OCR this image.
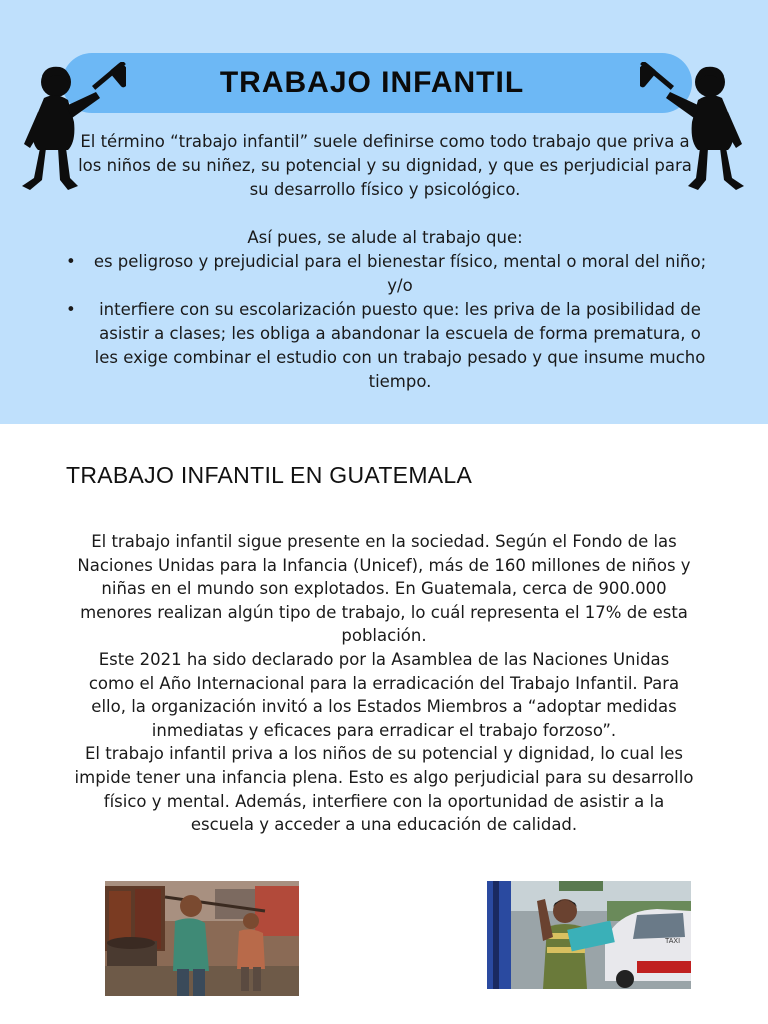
TRABAJO INFANTIL

El término “trabajo infantil” suele definirse como todo trabajo que priva a los niños de su niñez, su potencial y su dignidad, y que es perjudicial para su desarrollo físico y psicológico.

Así pues, se alude al trabajo que:

• es peligroso y prejudicial para el bienestar físico, mental o moral del niño; y/o
• interfiere con su escolarización puesto que: les priva de la posibilidad de asistir a clases; les obliga a abandonar la escuela de forma prematura, o les exige combinar el estudio con un trabajo pesado y que insume mucho tiempo.
TRABAJO INFANTIL EN GUATEMALA

El trabajo infantil sigue presente en la sociedad. Según el Fondo de las Naciones Unidas para la Infancia (Unicef), más de 160 millones de niños y niñas en el mundo son explotados. En Guatemala, cerca de 900.000 menores realizan algún tipo de trabajo, lo cuál representa el 17% de esta población.

Este 2021 ha sido declarado por la Asamblea de las Naciones Unidas como el Año Internacional para la erradicación del Trabajo Infantil. Para ello, la organización invitó a los Estados Miembros a “adoptar medidas inmediatas y eficaces para erradicar el trabajo forzoso”.

El trabajo infantil priva a los niños de su potencial y dignidad, lo cual les impide tener una infancia plena. Esto es algo perjudicial para su desarrollo físico y mental. Además, interfiere con la oportunidad de asistir a la escuela y acceder a una educación de calidad.

TAXI
